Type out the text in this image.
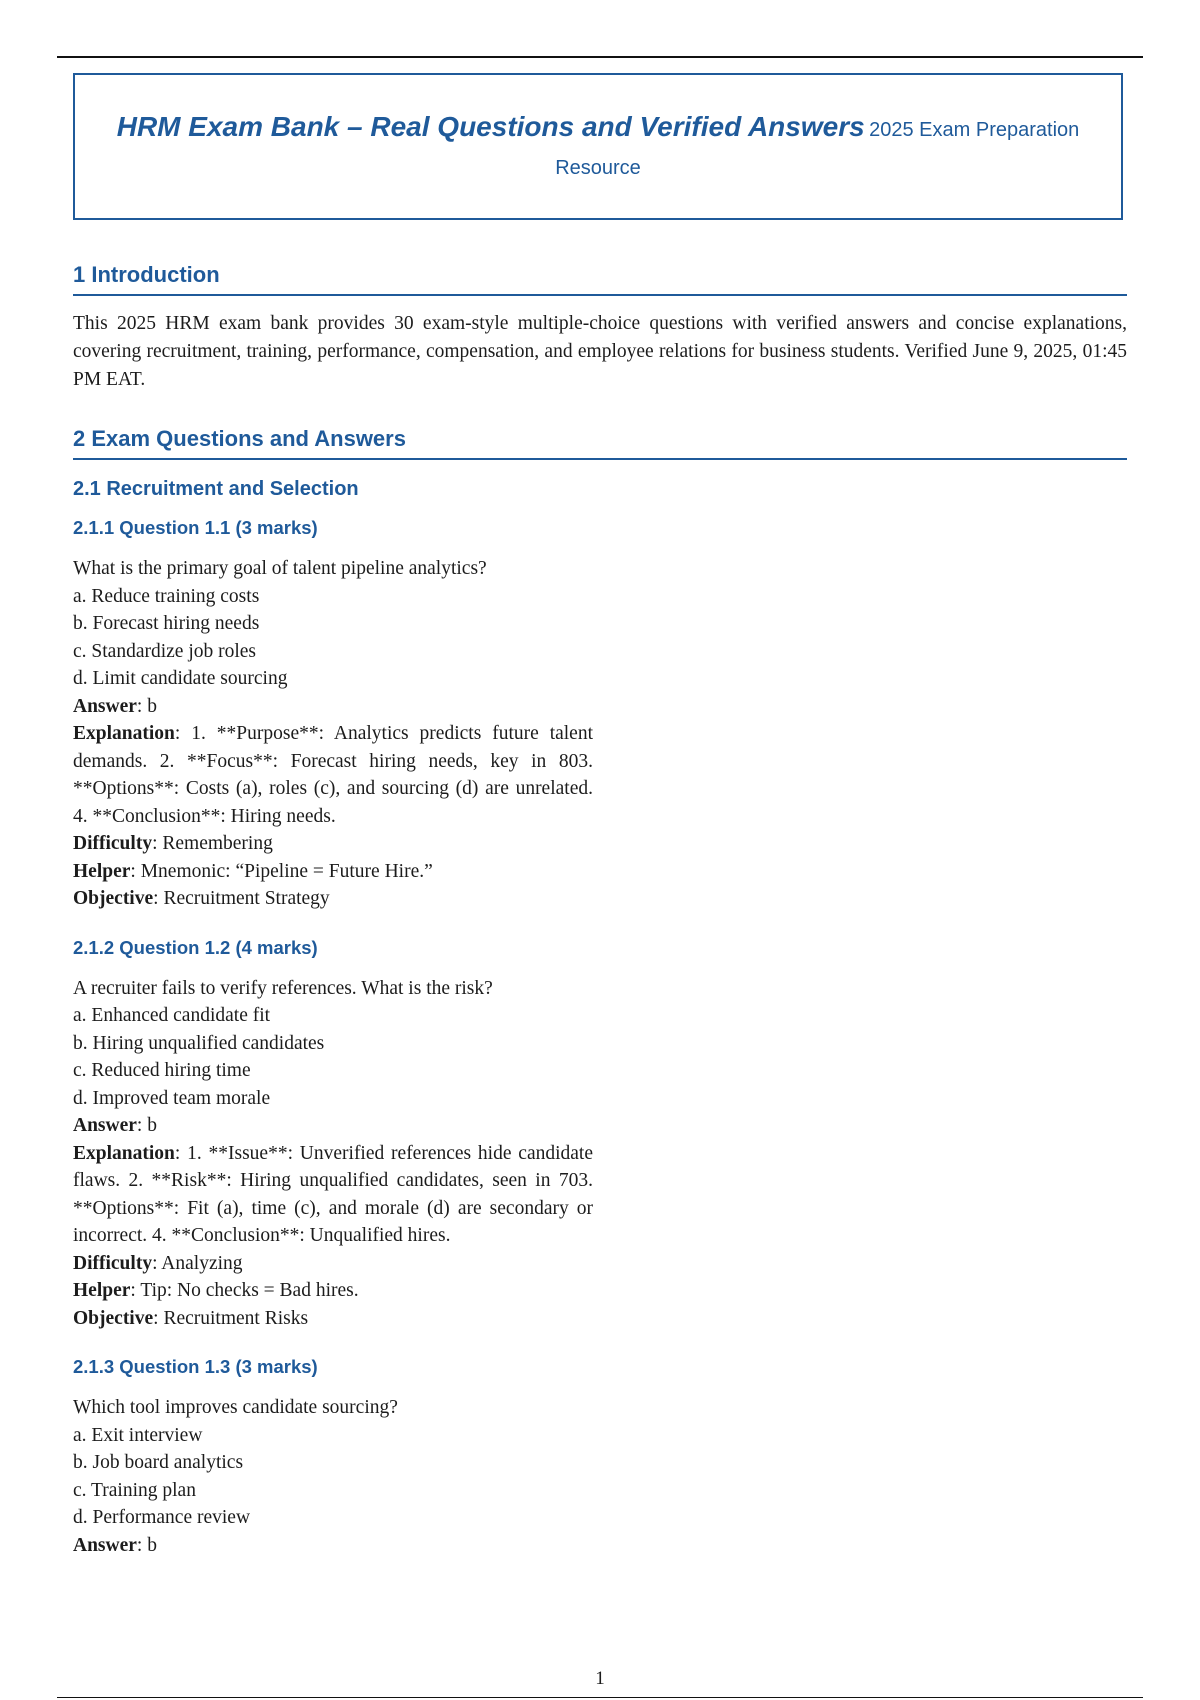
HRM Exam Bank – Real Questions and Verified Answers 2025 Exam Preparation
Resource
1 Introduction

This 2025 HRM exam bank provides 30 exam-style multiple-choice questions with verified answers and concise explanations, covering recruitment, training, performance, compensation, and employee relations for business students. Verified June 9, 2025, 01:45 PM EAT.

2 Exam Questions and Answers
2.1 Recruitment and Selection
2.1.1 Question 1.1 (3 marks)
What is the primary goal of talent pipeline analytics?
a. Reduce training costs
b. Forecast hiring needs
c. Standardize job roles
d. Limit candidate sourcing
Answer: b
Explanation: 1. **Purpose**: Analytics predicts future talent demands. 2. **Focus**: Forecast hiring needs, key in 803. **Options**: Costs (a), roles (c), and sourcing (d) are unrelated. 4. **Conclusion**: Hiring needs.
Difficulty: Remembering
Helper: Mnemonic: “Pipeline = Future Hire.”
Objective: Recruitment Strategy
2.1.2 Question 1.2 (4 marks)
A recruiter fails to verify references. What is the risk?
a. Enhanced candidate fit
b. Hiring unqualified candidates
c. Reduced hiring time
d. Improved team morale
Answer: b
Explanation: 1. **Issue**: Unverified references hide candidate flaws. 2. **Risk**: Hiring unqualified candidates, seen in 703. **Options**: Fit (a), time (c), and morale (d) are secondary or incorrect. 4. **Conclusion**: Unqualified hires.
Difficulty: Analyzing
Helper: Tip: No checks = Bad hires.
Objective: Recruitment Risks
2.1.3 Question 1.3 (3 marks)
Which tool improves candidate sourcing?
a. Exit interview
b. Job board analytics
c. Training plan
d. Performance review
Answer: b
1
